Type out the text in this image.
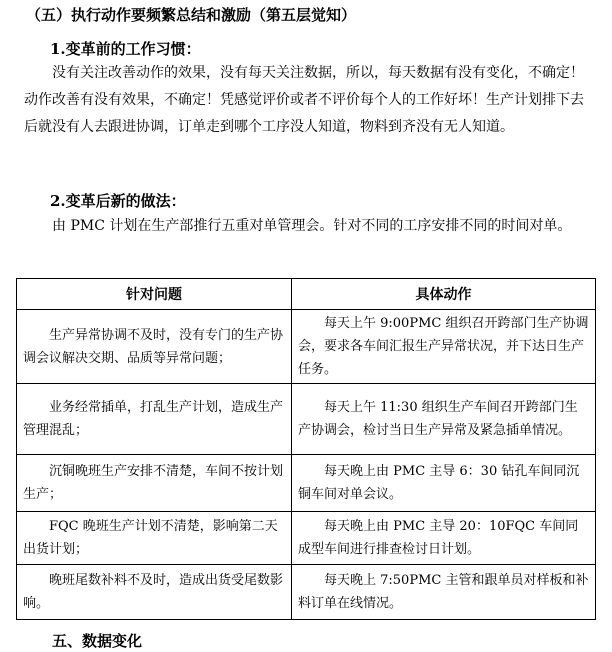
（五）执行动作要频繁总结和激励（第五层觉知）
1.变革前的工作习惯：
没有关注改善动作的效果，没有每天关注数据，所以，每天数据有没有变化，不确定！动作改善有没有效果，不确定！凭感觉评价或者不评价每个人的工作好坏！生产计划排下去后就没有人去跟进协调，订单走到哪个工序没人知道，物料到齐没有无人知道。
2.变革后新的做法：
由 PMC 计划在生产部推行五重对单管理会。针对不同的工序安排不同的时间对单。
针对问题	具体动作
生产异常协调不及时，没有专门的生产协调会议解决交期、品质等异常问题；	每天上午 9:00PMC 组织召开跨部门生产协调会，要求各车间汇报生产异常状况，并下达日生产任务。
业务经常插单，打乱生产计划，造成生产管理混乱；	每天上午 11:30 组织生产车间召开跨部门生产协调会，检讨当日生产异常及紧急插单情况。
沉铜晚班生产安排不清楚，车间不按计划生产；	每天晚上由 PMC 主导 6：30 钻孔车间同沉铜车间对单会议。
FQC 晚班生产计划不清楚，影响第二天出货计划；	每天晚上由 PMC 主导 20：10FQC 车间同成型车间进行排查检讨日计划。
晚班尾数补料不及时，造成出货受尾数影响。	每天晚上 7:50PMC 主管和跟单员对样板和补料订单在线情况。
五、数据变化
